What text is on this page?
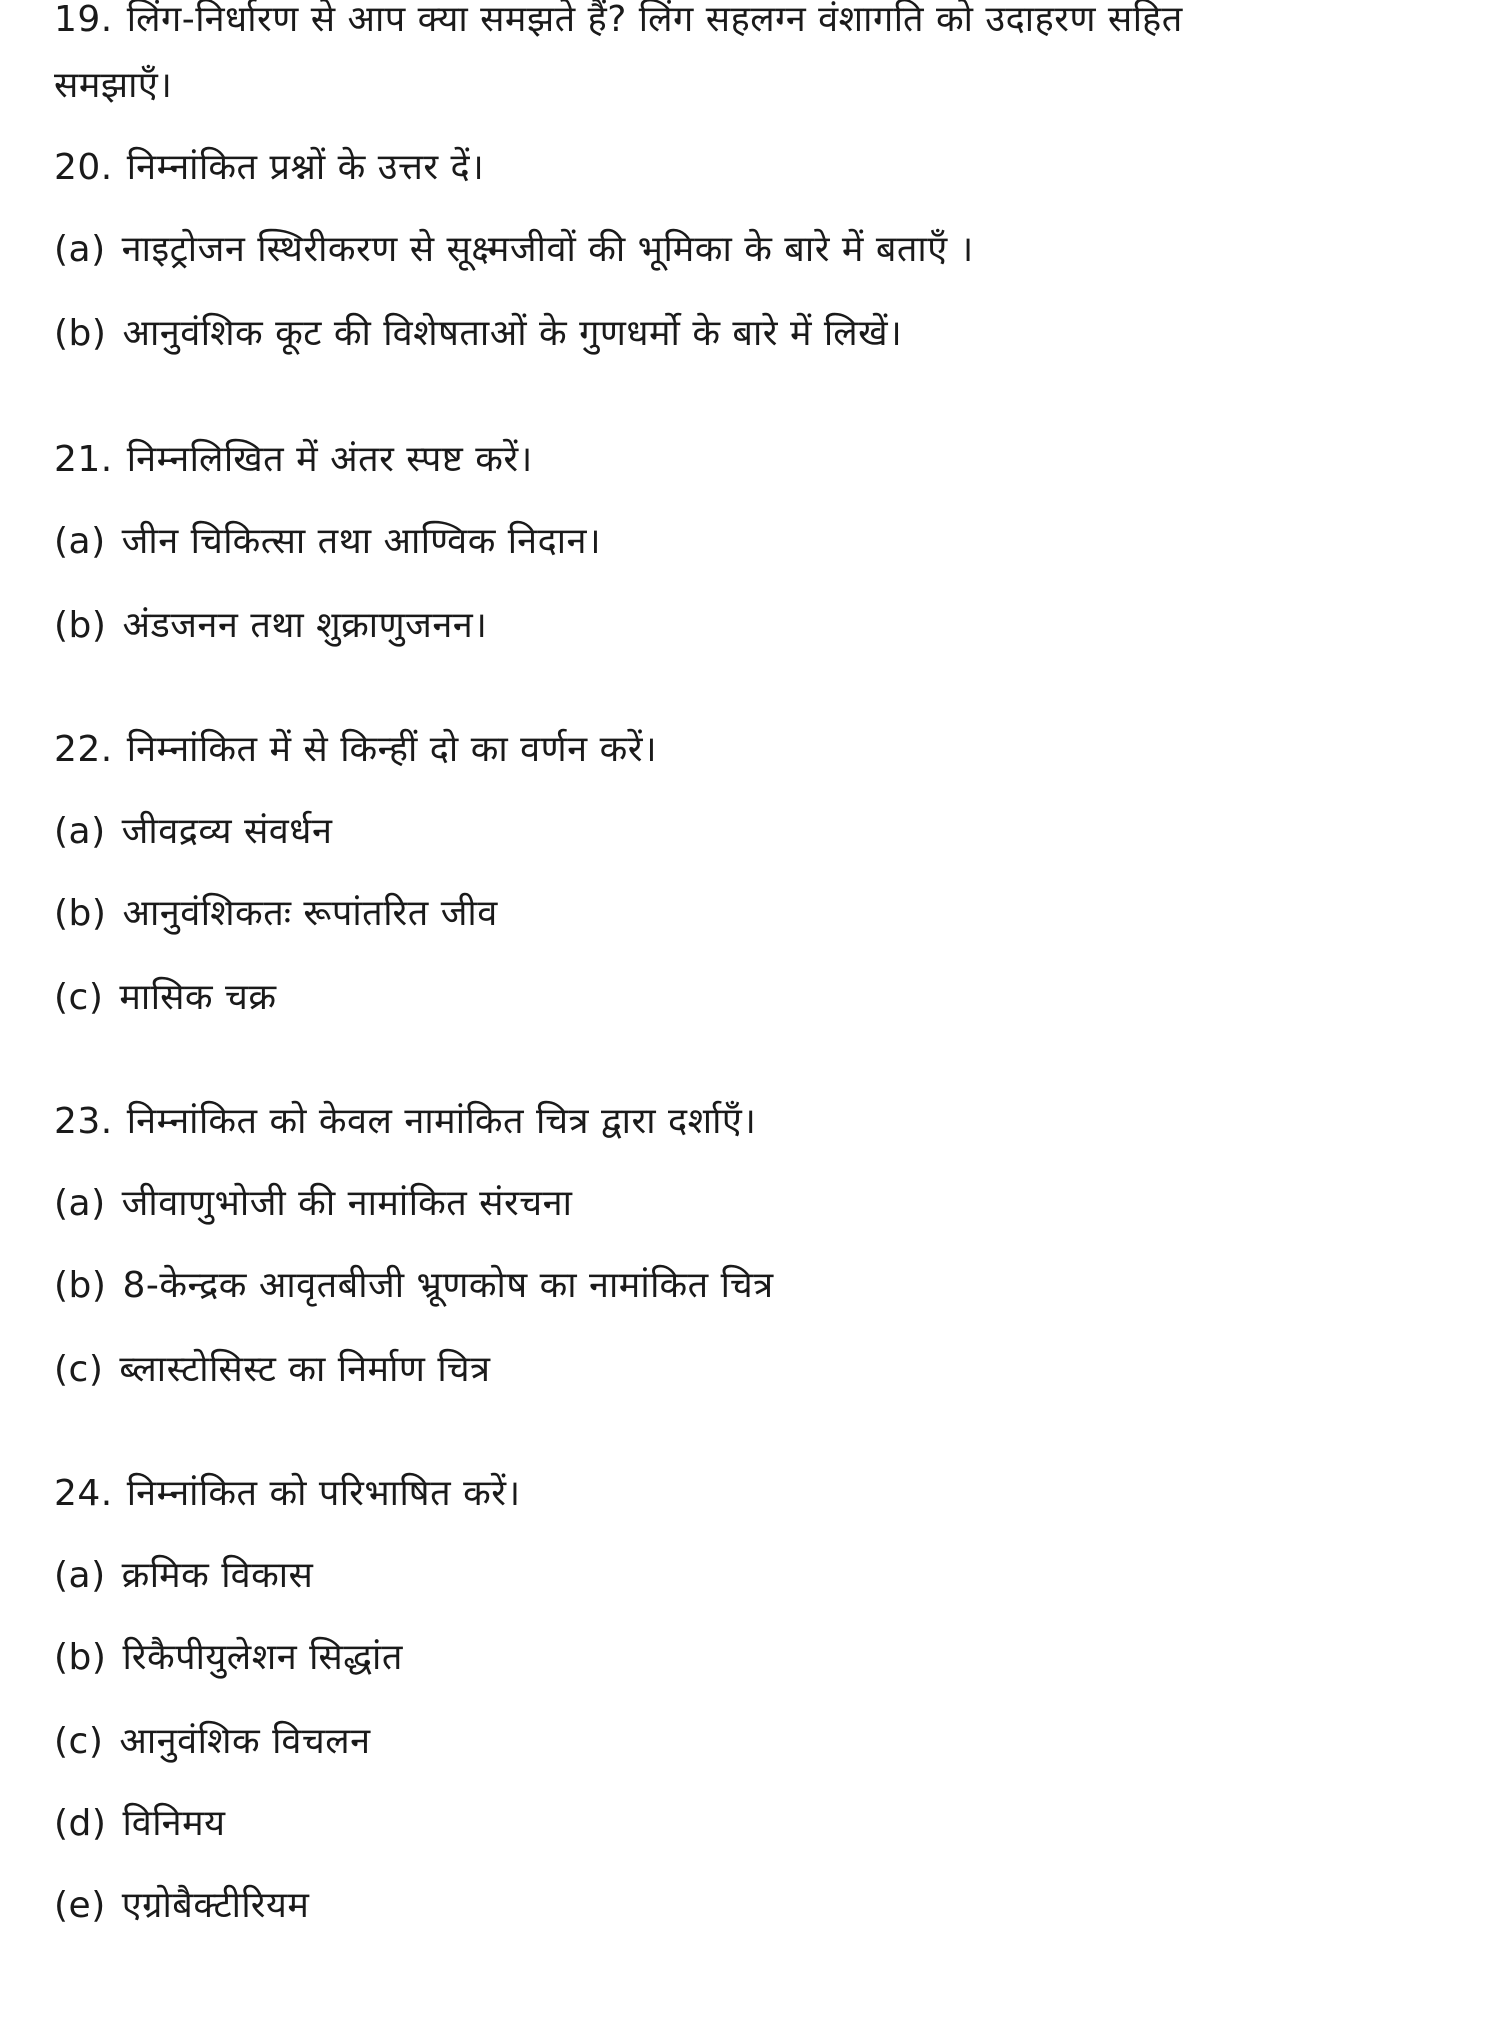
19. लिंग-निर्धारण से आप क्या समझते हैं? लिंग सहलग्न वंशागति को उदाहरण सहित
समझाएँ।
20. निम्नांकित प्रश्नों के उत्तर दें।
(a) नाइट्रोजन स्थिरीकरण से सूक्ष्मजीवों की भूमिका के बारे में बताएँ ।
(b) आनुवंशिक कूट की विशेषताओं के गुणधर्मो के बारे में लिखें।
21. निम्नलिखित में अंतर स्पष्ट करें।
(a) जीन चिकित्सा तथा आण्विक निदान।
(b) अंडजनन तथा शुक्राणुजनन।
22. निम्नांकित में से किन्हीं दो का वर्णन करें।
(a) जीवद्रव्य संवर्धन
(b) आनुवंशिकतः रूपांतरित जीव
(c) मासिक चक्र
23. निम्नांकित को केवल नामांकित चित्र द्वारा दर्शाएँ।
(a) जीवाणुभोजी की नामांकित संरचना
(b) 8-केन्द्रक आवृतबीजी भ्रूणकोष का नामांकित चित्र
(c) ब्लास्टोसिस्ट का निर्माण चित्र
24. निम्नांकित को परिभाषित करें।
(a) क्रमिक विकास
(b) रिकैपीयुलेशन सिद्धांत
(c) आनुवंशिक विचलन
(d) विनिमय
(e) एग्रोबैक्टीरियम
